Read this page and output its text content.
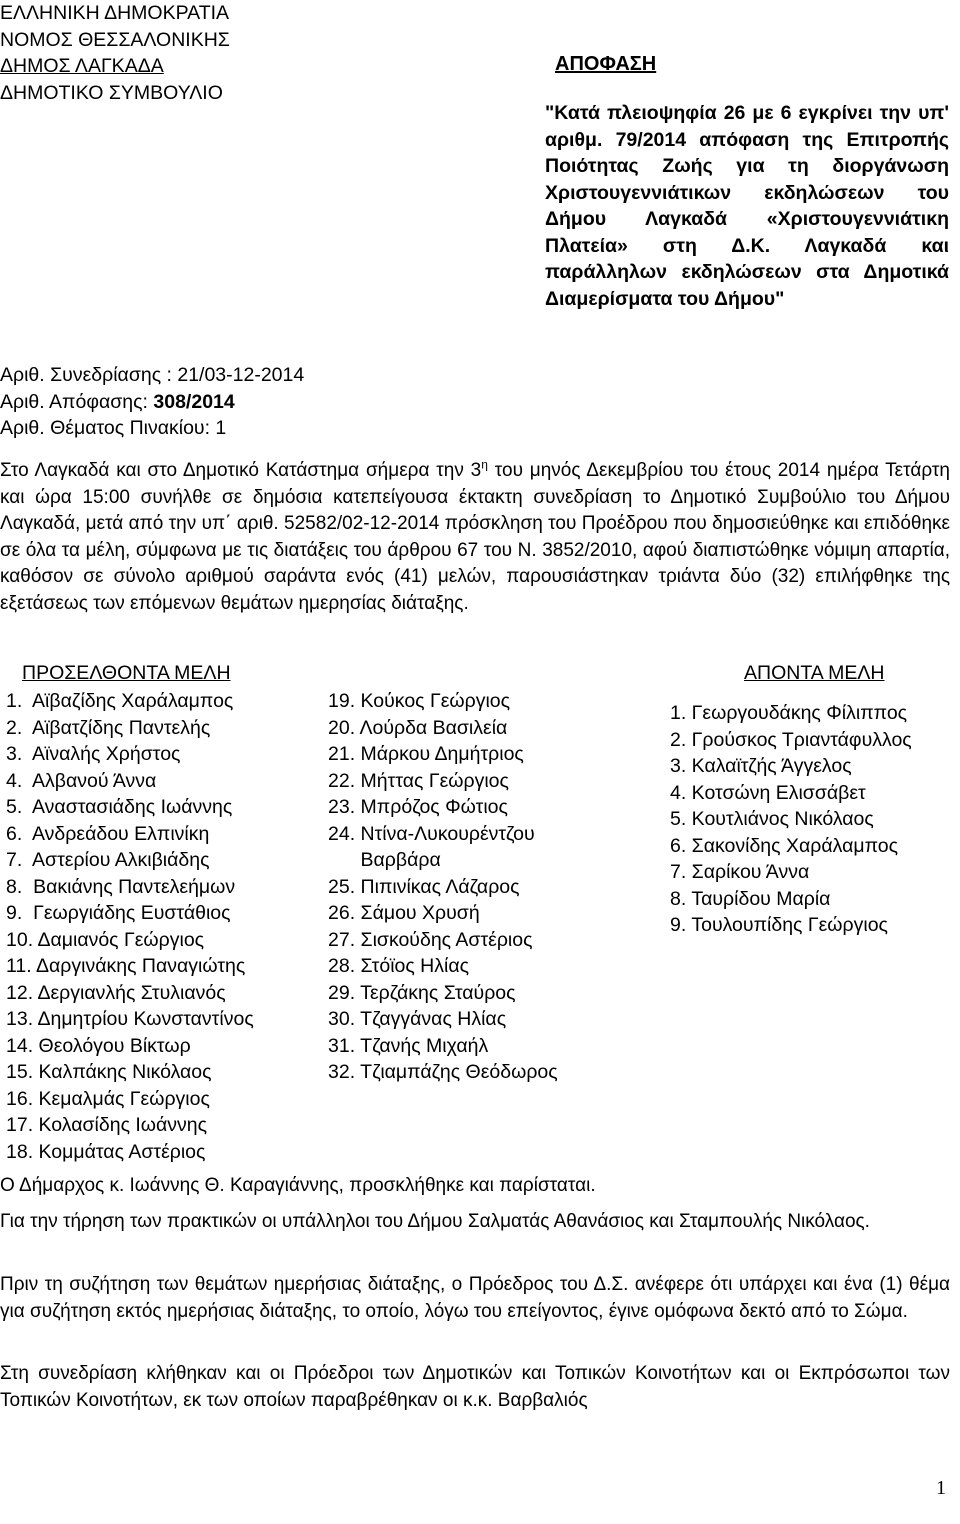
ΕΛΛΗΝΙΚΗ ΔΗΜΟΚΡΑΤΙΑ
ΝΟΜΟΣ ΘΕΣΣΑΛΟΝΙΚΗΣ
ΔΗΜΟΣ ΛΑΓΚΑΔΑ
ΔΗΜΟΤΙΚΟ ΣΥΜΒΟΥΛΙΟ
ΑΠΟΦΑΣΗ
"Κατά πλειοψηφία 26 με 6 εγκρίνει την υπ' αριθμ. 79/2014 απόφαση της Επιτροπής Ποιότητας Ζωής για τη διοργάνωση Χριστουγεννιάτικων εκδηλώσεων του Δήμου Λαγκαδά «Χριστουγεννιάτικη Πλατεία» στη Δ.Κ. Λαγκαδά και παράλληλων εκδηλώσεων στα Δημοτικά Διαμερίσματα του Δήμου"
Αριθ. Συνεδρίασης : 21/03-12-2014
Αριθ. Απόφασης: 308/2014
Αριθ. Θέματος Πινακίου: 1
Στο Λαγκαδά και στο Δημοτικό Κατάστημα σήμερα την $3^\eta$ του μηνός Δεκεμβρίου του έτους 2014 ημέρα Τετάρτη και ώρα 15:00 συνήλθε σε δημόσια κατεπείγουσα έκτακτη συνεδρίαση το Δημοτικό Συμβούλιο του Δήμου Λαγκαδά, μετά από την υπ΄ αριθ. 52582/02-12-2014 πρόσκληση του Προέδρου που δημοσιεύθηκε και επιδόθηκε σε όλα τα μέλη, σύμφωνα με τις διατάξεις του άρθρου 67 του Ν. 3852/2010, αφού διαπιστώθηκε νόμιμη απαρτία, καθόσον σε σύνολο αριθμού σαράντα ενός (41) μελών, παρουσιάστηκαν τριάντα δύο (32) επιλήφθηκε της εξετάσεως των επόμενων θεμάτων ημερησίας διάταξης.
ΠΡΟΣΕΛΘΟΝΤΑ ΜΕΛΗ
1.  Αϊβαζίδης Χαράλαμπος
2.  Αϊβατζίδης Παντελής
3.  Αϊναλής Χρήστος
4.  Αλβανού Άννα
5.  Αναστασιάδης Ιωάννης
6.  Ανδρεάδου Ελπινίκη
7.  Αστερίου Αλκιβιάδης
8.  Βακιάνης Παντελεήμων
9.  Γεωργιάδης Ευστάθιος
10. Δαμιανός Γεώργιος
11. Δαργινάκης Παναγιώτης
12. Δεργιανλής Στυλιανός
13. Δημητρίου Κωνσταντίνος
14. Θεολόγου Βίκτωρ
15. Καλπάκης Νικόλαος
16. Κεμαλμάς Γεώργιος
17. Κολασίδης Ιωάννης
18. Κομμάτας Αστέριος
19. Κούκος Γεώργιος
20. Λούρδα Βασιλεία
21. Μάρκου Δημήτριος
22. Μήττας Γεώργιος
23. Μπρόζος Φώτιος
24. Ντίνα-Λυκουρέντζου
Βαρβάρα
25. Πιπινίκας Λάζαρος
26. Σάμου Χρυσή
27. Σισκούδης Αστέριος
28. Στόϊος Ηλίας
29. Τερζάκης Σταύρος
30. Τζαγγάνας Ηλίας
31. Τζανής Μιχαήλ
32. Τζιαμπάζης Θεόδωρος
ΑΠΟΝΤΑ ΜΕΛΗ
1. Γεωργουδάκης Φίλιππος
2. Γρούσκος Τριαντάφυλλος
3. Καλαϊτζής Άγγελος
4. Κοτσώνη Ελισσάβετ
5. Κουτλιάνος Νικόλαος
6. Σακονίδης Χαράλαμπος
7. Σαρίκου Άννα
8. Ταυρίδου Μαρία
9. Τουλουπίδης Γεώργιος
Ο Δήμαρχος κ. Ιωάννης Θ. Καραγιάννης, προσκλήθηκε και παρίσταται.
Για την τήρηση των πρακτικών οι υπάλληλοι του Δήμου Σαλματάς Αθανάσιος και Σταμπουλής Νικόλαος.
Πριν τη συζήτηση των θεμάτων ημερήσιας διάταξης, ο Πρόεδρος του Δ.Σ. ανέφερε ότι υπάρχει και ένα (1) θέμα για συζήτηση εκτός ημερήσιας διάταξης, το οποίο, λόγω του επείγοντος, έγινε ομόφωνα δεκτό από το Σώμα.
Στη συνεδρίαση κλήθηκαν και οι Πρόεδροι των Δημοτικών και Τοπικών Κοινοτήτων και οι Εκπρόσωποι των Τοπικών Κοινοτήτων, εκ των οποίων παραβρέθηκαν οι κ.κ. Βαρβαλιός
1
